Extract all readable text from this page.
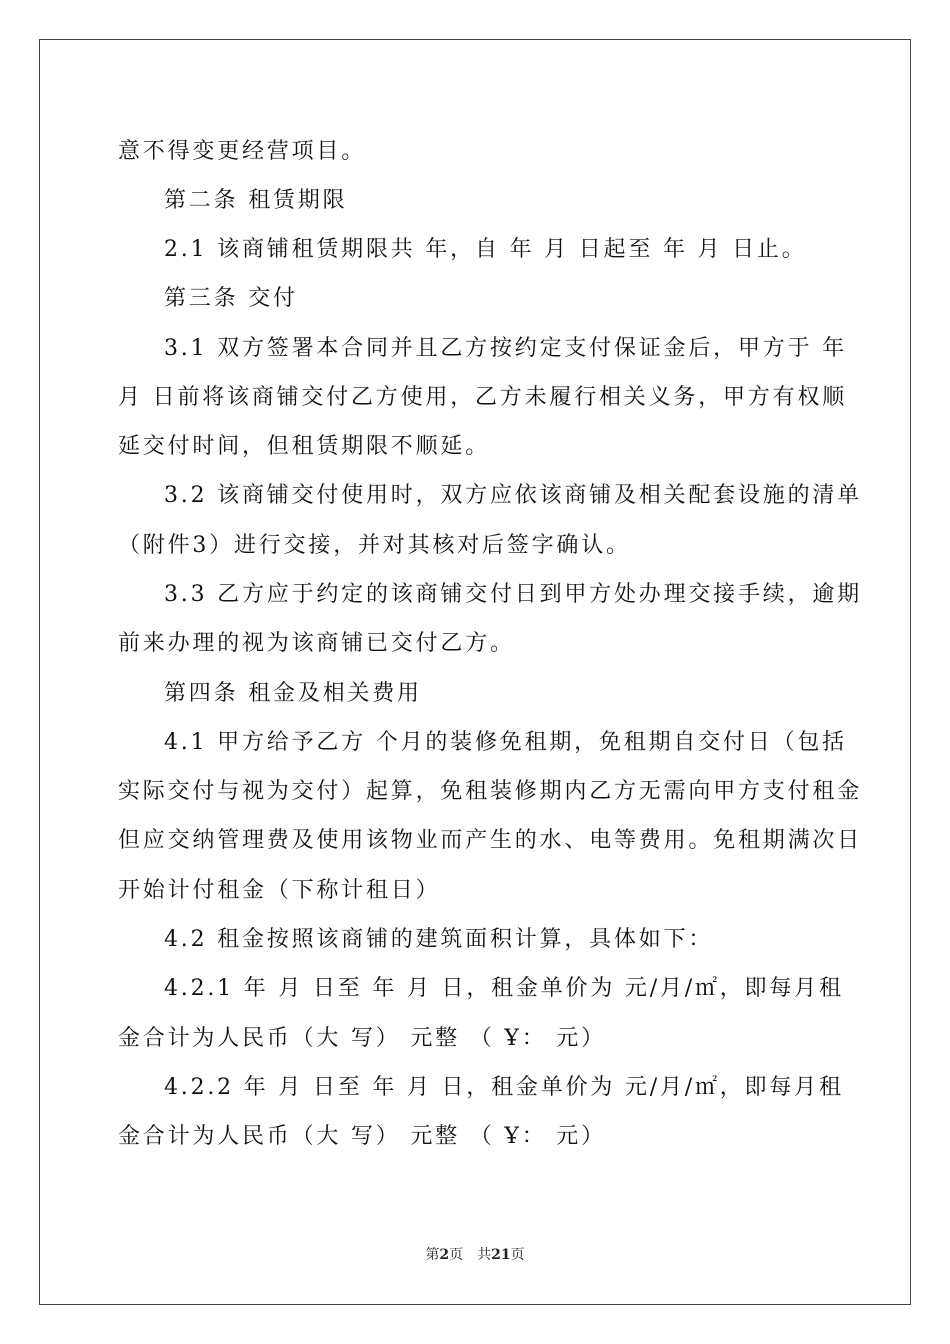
意不得变更经营项目。
第二条 租赁期限
2.1 该商铺租赁期限共 年，自 年 月 日起至 年 月 日止。
第三条 交付
3.1 双方签署本合同并且乙方按约定支付保证金后，甲方于 年
月 日前将该商铺交付乙方使用，乙方未履行相关义务，甲方有权顺
延交付时间，但租赁期限不顺延。
3.2 该商铺交付使用时，双方应依该商铺及相关配套设施的清单
（附件3）进行交接，并对其核对后签字确认。
3.3 乙方应于约定的该商铺交付日到甲方处办理交接手续，逾期
前来办理的视为该商铺已交付乙方。
第四条 租金及相关费用
4.1 甲方给予乙方 个月的装修免租期，免租期自交付日（包括
实际交付与视为交付）起算，免租装修期内乙方无需向甲方支付租金
但应交纳管理费及使用该物业而产生的水、电等费用。免租期满次日
开始计付租金（下称计租日）
4.2 租金按照该商铺的建筑面积计算，具体如下：
4.2.1 年 月 日至 年 月 日，租金单价为 元/月/㎡，即每月租
金合计为人民币（大 写） 元整 （ Ұ： 元）
4.2.2 年 月 日至 年 月 日，租金单价为 元/月/㎡，即每月租
金合计为人民币（大 写） 元整 （ Ұ： 元）
第2页　共21页
